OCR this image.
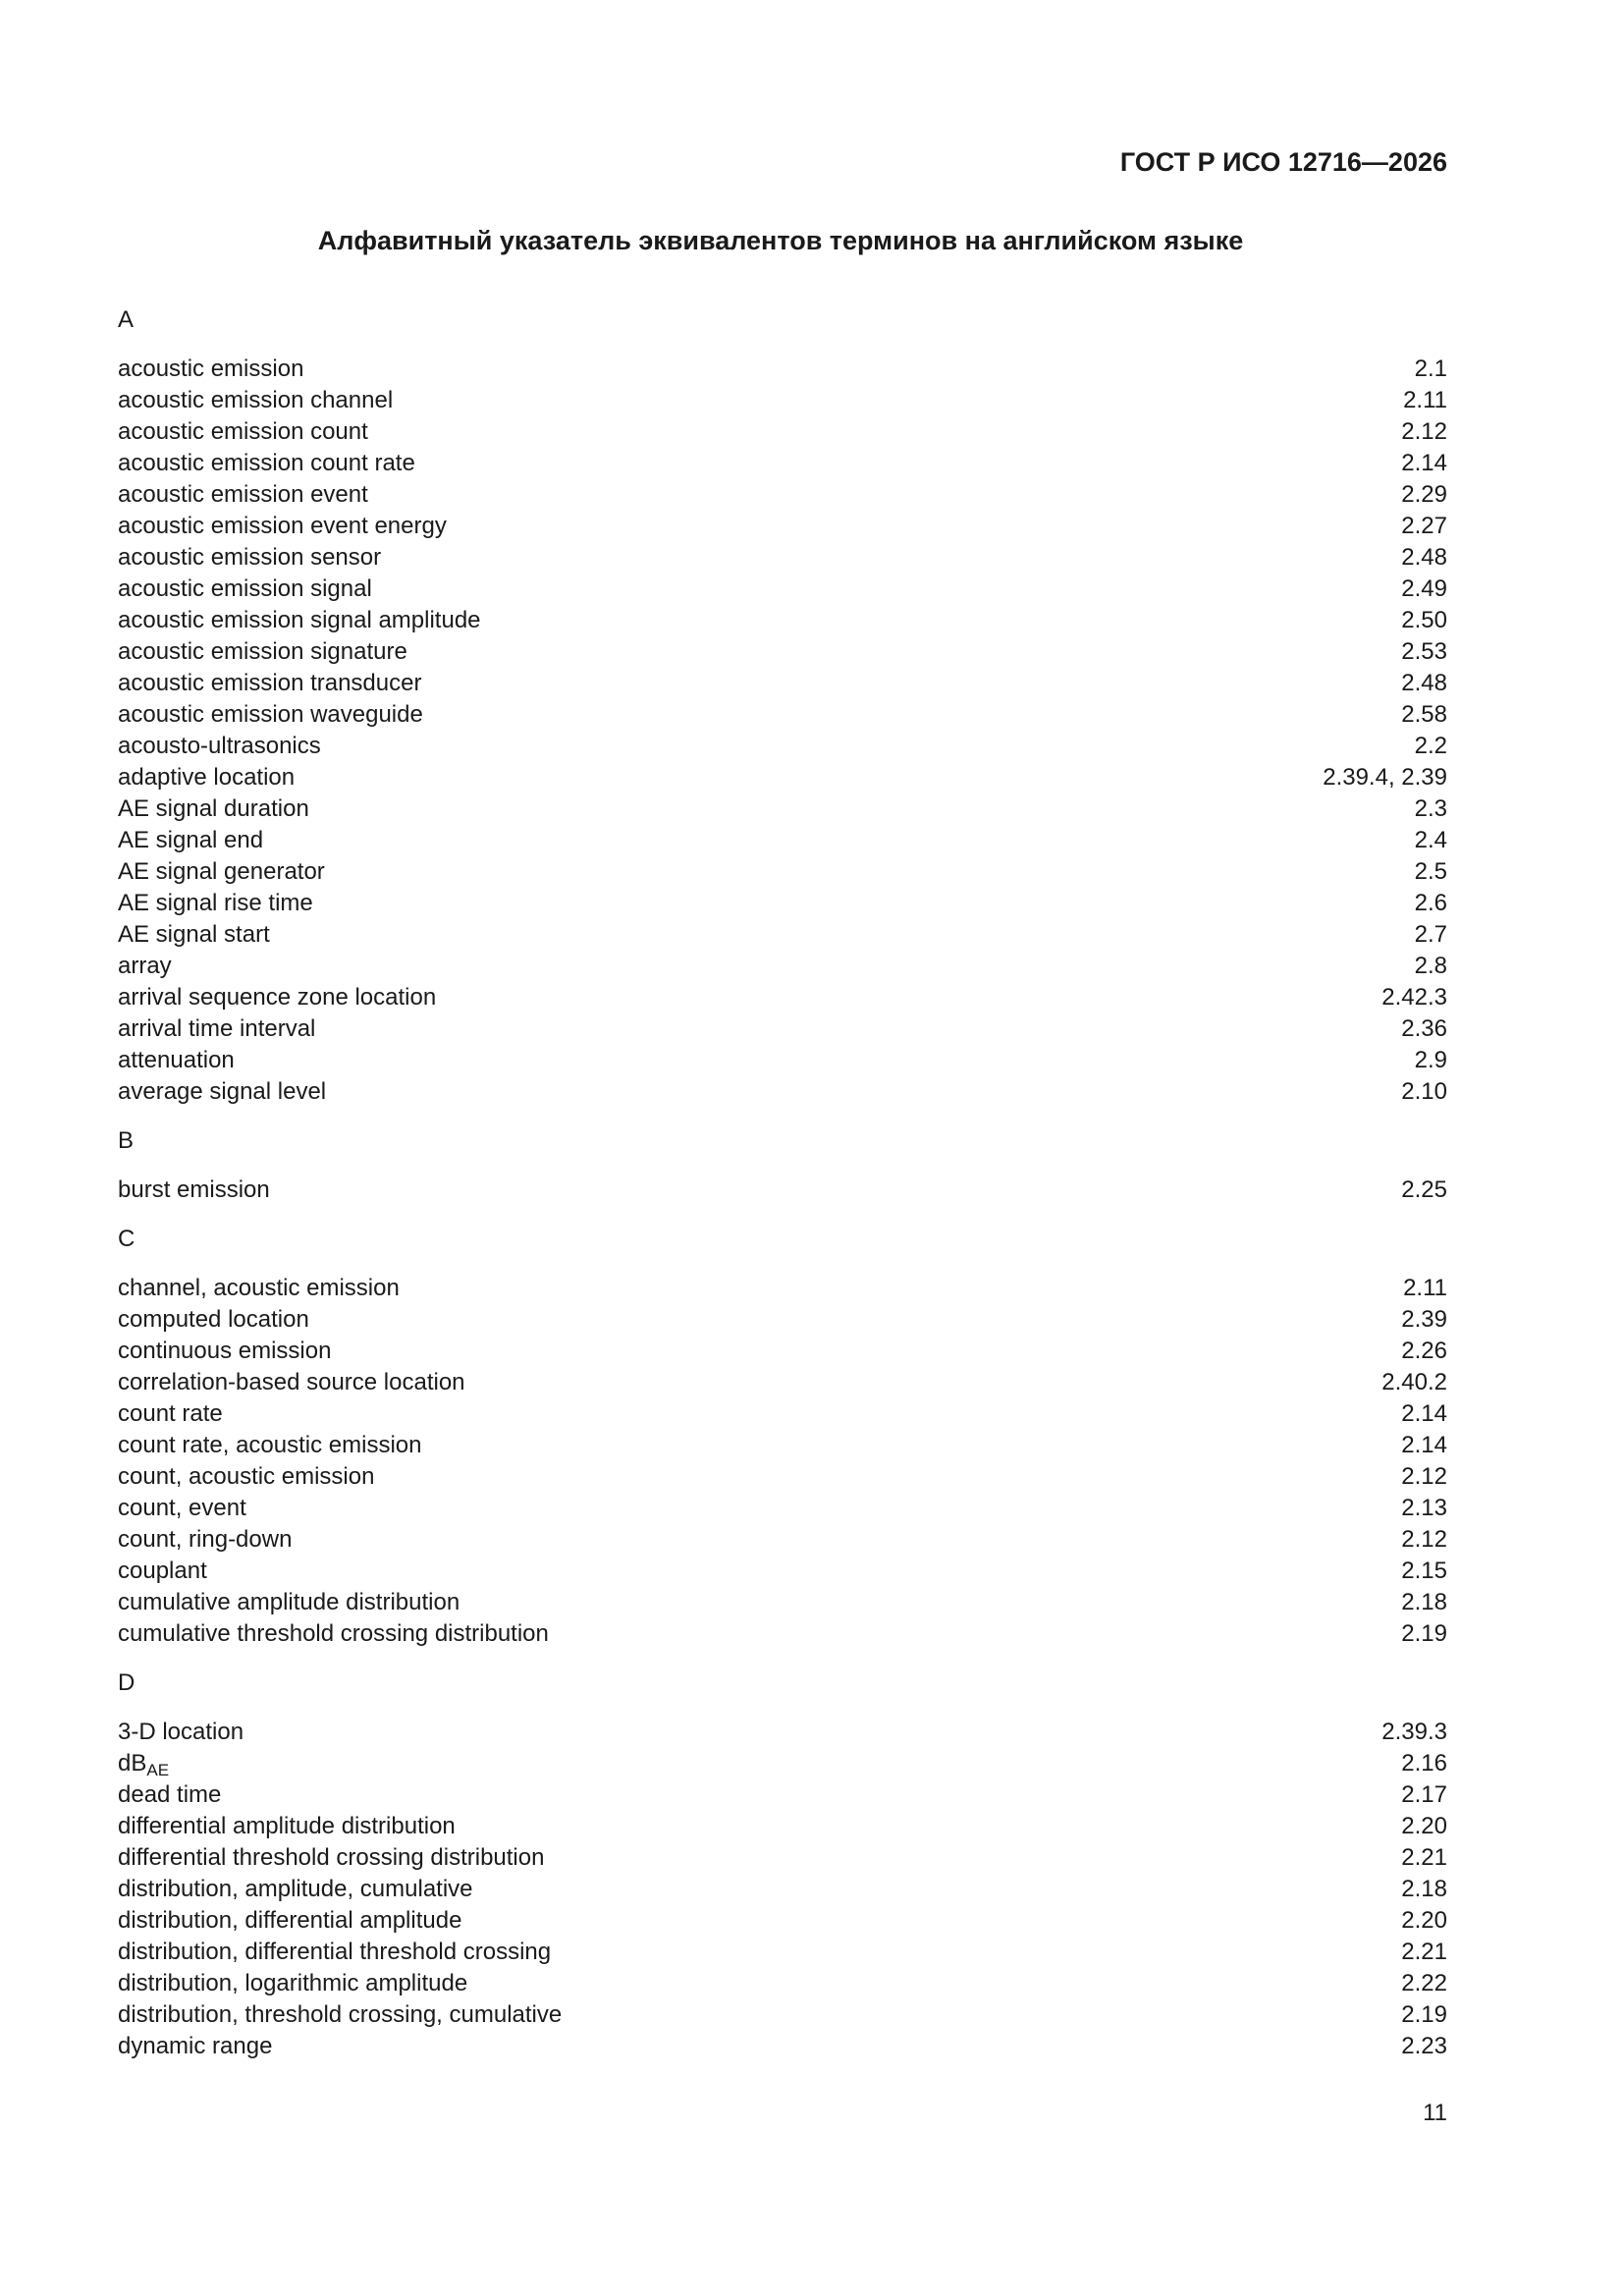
ГОСТ Р ИСО 12716—2026
Алфавитный указатель эквивалентов терминов на английском языке
A
acoustic emission	2.1
acoustic emission channel	2.11
acoustic emission count	2.12
acoustic emission count rate	2.14
acoustic emission event	2.29
acoustic emission event energy	2.27
acoustic emission sensor	2.48
acoustic emission signal	2.49
acoustic emission signal amplitude	2.50
acoustic emission signature	2.53
acoustic emission transducer	2.48
acoustic emission waveguide	2.58
acousto-ultrasonics	2.2
adaptive location	2.39.4, 2.39
AE signal duration	2.3
AE signal end	2.4
AE signal generator	2.5
AE signal rise time	2.6
AE signal start	2.7
array	2.8
arrival sequence zone location	2.42.3
arrival time interval	2.36
attenuation	2.9
average signal level	2.10
B
burst emission	2.25
C
channel, acoustic emission	2.11
computed location	2.39
continuous emission	2.26
correlation-based source location	2.40.2
count rate	2.14
count rate, acoustic emission	2.14
count, acoustic emission	2.12
count, event	2.13
count, ring-down	2.12
couplant	2.15
cumulative amplitude distribution	2.18
cumulative threshold crossing distribution	2.19
D
3-D location	2.39.3
$dB_{AE}$	2.16
dead time	2.17
differential amplitude distribution	2.20
differential threshold crossing distribution	2.21
distribution, amplitude, cumulative	2.18
distribution, differential amplitude	2.20
distribution, differential threshold crossing	2.21
distribution, logarithmic amplitude	2.22
distribution, threshold crossing, cumulative	2.19
dynamic range	2.23
11
